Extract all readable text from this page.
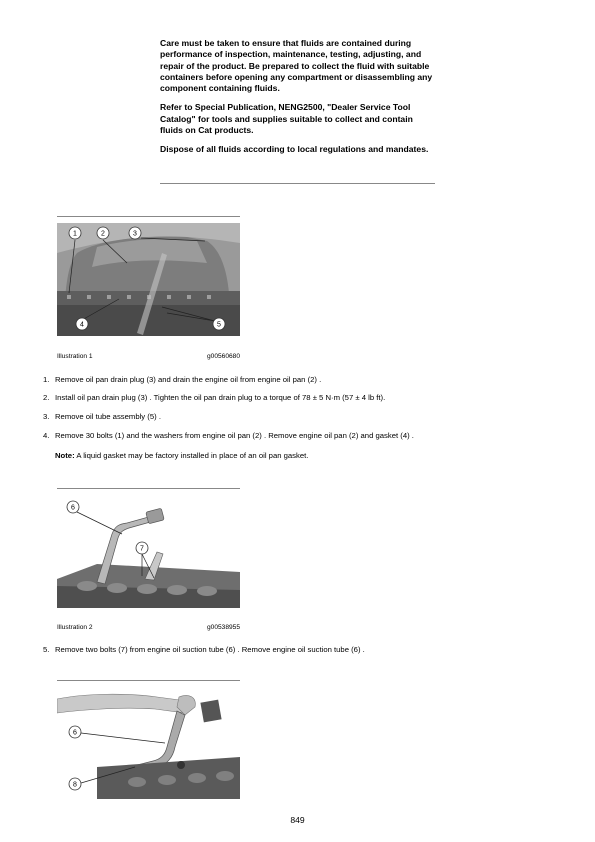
Care must be taken to ensure that fluids are contained during performance of inspection, maintenance, testing, adjusting, and repair of the product. Be prepared to collect the fluid with suitable containers before opening any compartment or disassembling any component containing fluids.

Refer to Special Publication, NENG2500, "Dealer Service Tool Catalog" for tools and supplies suitable to collect and contain fluids on Cat products.

Dispose of all fluids according to local regulations and mandates.

1	2	3
4	5
Illustration 1	g00560680
1. Remove oil pan drain plug (3) and drain the engine oil from engine oil pan (2) .
2. Install oil pan drain plug (3) . Tighten the oil pan drain plug to a torque of 78 ± 5 N·m (57 ± 4 lb ft).
3. Remove oil tube assembly (5) .
4. Remove 30 bolts (1) and the washers from engine oil pan (2) . Remove engine oil pan (2) and gasket (4) .
Note: A liquid gasket may be factory installed in place of an oil pan gasket.
6
7
Illustration 2	g00538955
5. Remove two bolts (7) from engine oil suction tube (6) . Remove engine oil suction tube (6) .
6
8
849
